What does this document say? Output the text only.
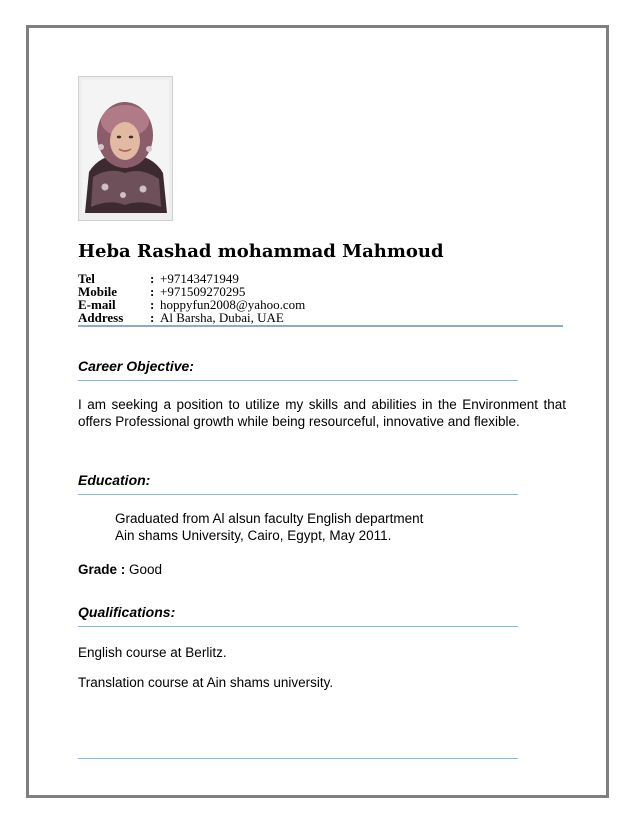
Heba Rashad mohammad Mahmoud
Tel	: +97143471949
Mobile	: +971509270295
E-mail	: hoppyfun2008@yahoo.com
Address	: Al Barsha, Dubai, UAE
Career Objective:
I am seeking a position to utilize my skills and abilities in the Environment that offers Professional growth while being resourceful, innovative and flexible.
Education:
Graduated from Al alsun faculty English department
Ain shams University, Cairo, Egypt, May 2011.
Grade : Good
Qualifications:
English course at Berlitz.
Translation course at Ain shams university.
